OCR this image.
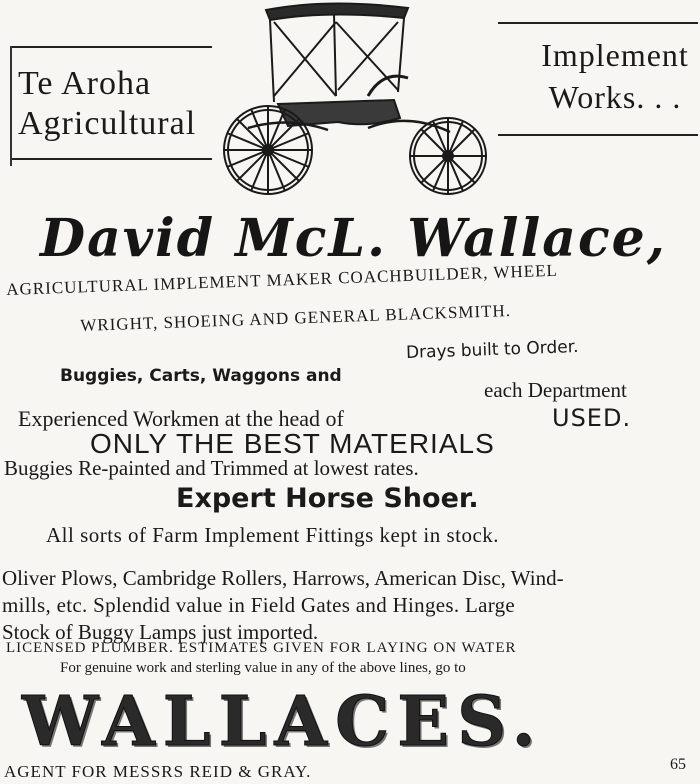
Te Aroha
Agricultural
Implement
Works. . .
David McL. Wallace,
AGRICULTURAL IMPLEMENT MAKER COACHBUILDER, WHEEL
WRIGHT, SHOEING AND GENERAL BLACKSMITH.
Drays built to Order.
Buggies, Carts, Waggons and
each Department
Experienced Workmen at the head of	USED.
ONLY THE BEST MATERIALS
Buggies Re-painted and Trimmed at lowest rates.
Expert Horse Shoer.
All sorts of Farm Implement Fittings kept in stock.
Oliver Plows, Cambridge Rollers, Harrows, American Disc, Wind-
mills, etc. Splendid value in Field Gates and Hinges. Large
Stock of Buggy Lamps just imported.
LICENSED PLUMBER. ESTIMATES GIVEN FOR LAYING ON WATER
For genuine work and sterling value in any of the above lines, go to
WALLACES.
AGENT FOR MESSRS REID & GRAY.	65
